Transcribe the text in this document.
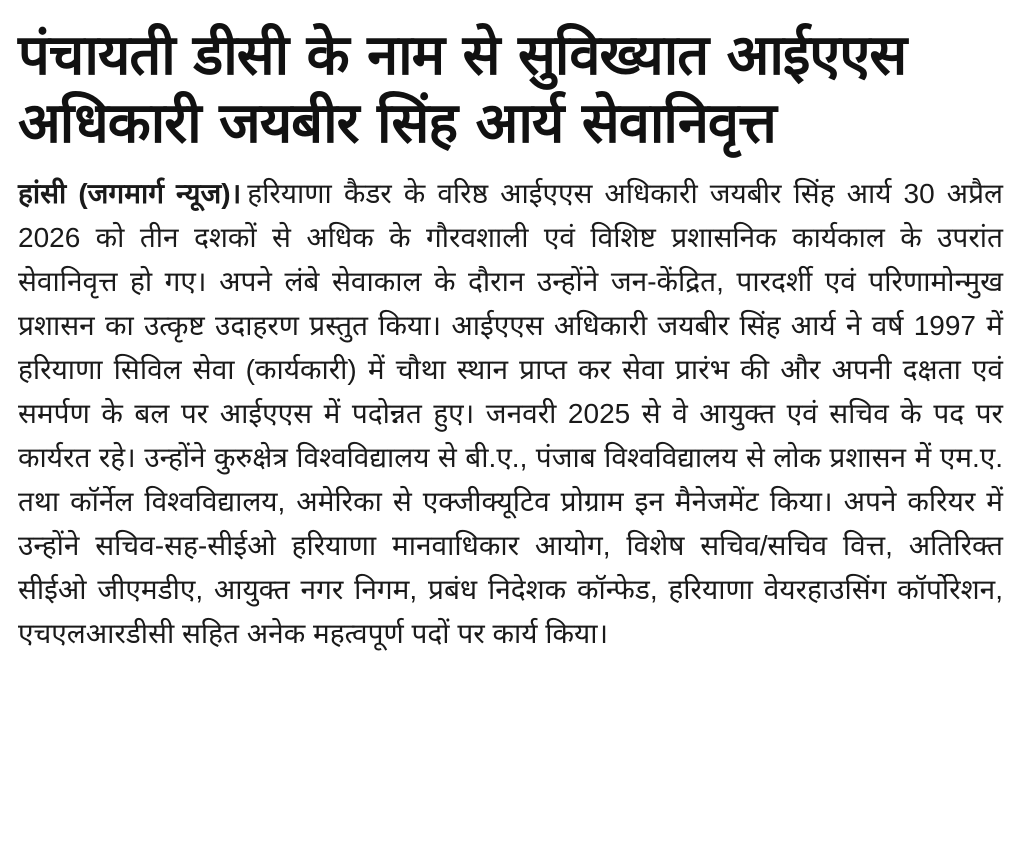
पंचायती डीसी के नाम से सुविख्यात आईएएस अधिकारी जयबीर सिंह आर्य सेवानिवृत्त

हांसी (जगमार्ग न्यूज)। हरियाणा कैडर के वरिष्ठ आईएएस अधिकारी जयबीर सिंह आर्य 30 अप्रैल 2026 को तीन दशकों से अधिक के गौरवशाली एवं विशिष्ट प्रशासनिक कार्यकाल के उपरांत सेवानिवृत्त हो गए। अपने लंबे सेवाकाल के दौरान उन्होंने जन-केंद्रित, पारदर्शी एवं परिणामोन्मुख प्रशासन का उत्कृष्ट उदाहरण प्रस्तुत किया। आईएएस अधिकारी जयबीर सिंह आर्य ने वर्ष 1997 में हरियाणा सिविल सेवा (कार्यकारी) में चौथा स्थान प्राप्त कर सेवा प्रारंभ की और अपनी दक्षता एवं समर्पण के बल पर आईएएस में पदोन्नत हुए। जनवरी 2025 से वे आयुक्त एवं सचिव के पद पर कार्यरत रहे। उन्होंने कुरुक्षेत्र विश्वविद्यालय से बी.ए., पंजाब विश्वविद्यालय से लोक प्रशासन में एम.ए. तथा कॉर्नेल विश्वविद्यालय, अमेरिका से एक्जीक्यूटिव प्रोग्राम इन मैनेजमेंट किया। अपने करियर में उन्होंने सचिव-सह-सीईओ हरियाणा मानवाधिकार आयोग, विशेष सचिव/सचिव वित्त, अतिरिक्त सीईओ जीएमडीए, आयुक्त नगर निगम, प्रबंध निदेशक कॉन्फेड, हरियाणा वेयरहाउसिंग कॉर्पोरेशन, एचएलआरडीसी सहित अनेक महत्वपूर्ण पदों पर कार्य किया।
